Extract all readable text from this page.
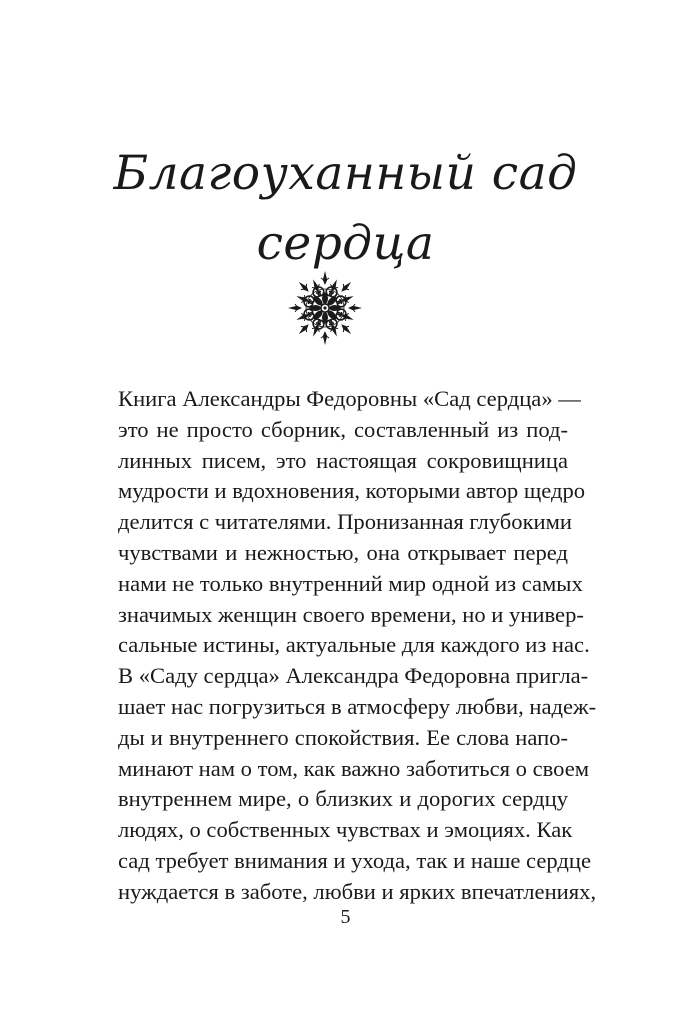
Благоуханный сад
сердца
Книга Александры Федоровны «Сад сердца» —
это не просто сборник, составленный из под-
линных писем, это настоящая сокровищница
мудрости и вдохновения, которыми автор щедро
делится с читателями. Пронизанная глубокими
чувствами и нежностью, она открывает перед
нами не только внутренний мир одной из самых
значимых женщин своего времени, но и универ-
сальные истины, актуальные для каждого из нас.
В «Саду сердца» Александра Федоровна пригла-
шает нас погрузиться в атмосферу любви, надеж-
ды и внутреннего спокойствия. Ее слова напо-
минают нам о том, как важно заботиться о своем
внутреннем мире, о близких и дорогих сердцу
людях, о собственных чувствах и эмоциях. Как
сад требует внимания и ухода, так и наше сердце
нуждается в заботе, любви и ярких впечатлениях,
5
